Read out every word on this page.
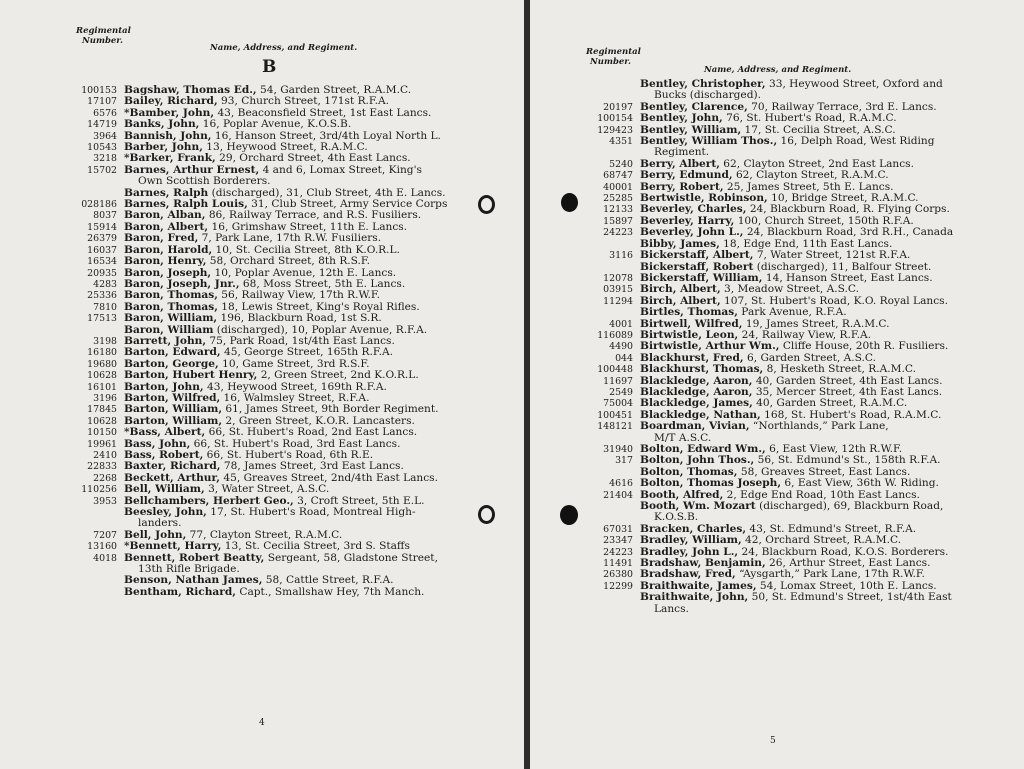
Regimental
Number.
Name, Address, and Regiment.
B
100153 Bagshaw, Thomas Ed., 54, Garden Street, R.A.M.C.
17107 Bailey, Richard, 93, Church Street, 171st R.F.A.
6576 *Bamber, John, 43, Beaconsfield Street, 1st East Lancs.
14719 Banks, John, 16, Poplar Avenue, K.O.S.B.
3964 Bannish, John, 16, Hanson Street, 3rd/4th Loyal North L.
10543 Barber, John, 13, Heywood Street, R.A.M.C.
3218 *Barker, Frank, 29, Orchard Street, 4th East Lancs.
15702 Barnes, Arthur Ernest, 4 and 6, Lomax Street, King's
Own Scottish Borderers.
Barnes, Ralph (discharged), 31, Club Street, 4th E. Lancs.
028186 Barnes, Ralph Louis, 31, Club Street, Army Service Corps
8037 Baron, Alban, 86, Railway Terrace, and R.S. Fusiliers.
15914 Baron, Albert, 16, Grimshaw Street, 11th E. Lancs.
26379 Baron, Fred, 7, Park Lane, 17th R.W. Fusiliers.
16037 Baron, Harold, 10, St. Cecilia Street, 8th K.O.R.L.
16534 Baron, Henry, 58, Orchard Street, 8th R.S.F.
20935 Baron, Joseph, 10, Poplar Avenue, 12th E. Lancs.
4283 Baron, Joseph, Jnr., 68, Moss Street, 5th E. Lancs.
25336 Baron, Thomas, 56, Railway View, 17th R.W.F.
7810 Baron, Thomas, 18, Lewis Street, King's Royal Rifles.
17513 Baron, William, 196, Blackburn Road, 1st S.R.
Baron, William (discharged), 10, Poplar Avenue, R.F.A.
3198 Barrett, John, 75, Park Road, 1st/4th East Lancs.
16180 Barton, Edward, 45, George Street, 165th R.F.A.
19680 Barton, George, 10, Game Street, 3rd R.S.F.
10628 Barton, Hubert Henry, 2, Green Street, 2nd K.O.R.L.
16101 Barton, John, 43, Heywood Street, 169th R.F.A.
3196 Barton, Wilfred, 16, Walmsley Street, R.F.A.
17845 Barton, William, 61, James Street, 9th Border Regiment.
10628 Barton, William, 2, Green Street, K.O.R. Lancasters.
10150 *Bass, Albert, 66, St. Hubert's Road, 2nd East Lancs.
19961 Bass, John, 66, St. Hubert's Road, 3rd East Lancs.
2410 Bass, Robert, 66, St. Hubert's Road, 6th R.E.
22833 Baxter, Richard, 78, James Street, 3rd East Lancs.
2268 Beckett, Arthur, 45, Greaves Street, 2nd/4th East Lancs.
110256 Bell, William, 3, Water Street, A.S.C.
3953 Bellchambers, Herbert Geo., 3, Croft Street, 5th E.L.
Beesley, John, 17, St. Hubert's Road, Montreal High-
landers.
7207 Bell, John, 77, Clayton Street, R.A.M.C.
13160 *Bennett, Harry, 13, St. Cecilia Street, 3rd S. Staffs
4018 Bennett, Robert Beatty, Sergeant, 58, Gladstone Street,
13th Rifle Brigade.
Benson, Nathan James, 58, Cattle Street, R.F.A.
Bentham, Richard, Capt., Smallshaw Hey, 7th Manch.
4
Regimental
Number.
Name, Address, and Regiment.
Bentley, Christopher, 33, Heywood Street, Oxford and
Bucks (discharged).
20197 Bentley, Clarence, 70, Railway Terrace, 3rd E. Lancs.
100154 Bentley, John, 76, St. Hubert's Road, R.A.M.C.
129423 Bentley, William, 17, St. Cecilia Street, A.S.C.
4351 Bentley, William Thos., 16, Delph Road, West Riding
Regiment.
5240 Berry, Albert, 62, Clayton Street, 2nd East Lancs.
68747 Berry, Edmund, 62, Clayton Street, R.A.M.C.
40001 Berry, Robert, 25, James Street, 5th E. Lancs.
25285 Bertwistle, Robinson, 10, Bridge Street, R.A.M.C.
12133 Beverley, Charles, 24, Blackburn Road, R. Flying Corps.
15897 Beverley, Harry, 100, Church Street, 150th R.F.A.
24223 Beverley, John L., 24, Blackburn Road, 3rd R.H., Canada
Bibby, James, 18, Edge End, 11th East Lancs.
3116 Bickerstaff, Albert, 7, Water Street, 121st R.F.A.
Bickerstaff, Robert (discharged), 11, Balfour Street.
12078 Bickerstaff, William, 14, Hanson Street, East Lancs.
03915 Birch, Albert, 3, Meadow Street, A.S.C.
11294 Birch, Albert, 107, St. Hubert's Road, K.O. Royal Lancs.
Birtles, Thomas, Park Avenue, R.F.A.
4001 Birtwell, Wilfred, 19, James Street, R.A.M.C.
116089 Birtwistle, Leon, 24, Railway View, R.F.A.
4490 Birtwistle, Arthur Wm., Cliffe House, 20th R. Fusiliers.
044 Blackhurst, Fred, 6, Garden Street, A.S.C.
100448 Blackhurst, Thomas, 8, Hesketh Street, R.A.M.C.
11697 Blackledge, Aaron, 40, Garden Street, 4th East Lancs.
2549 Blackledge, Aaron, 35, Mercer Street, 4th East Lancs.
75004 Blackledge, James, 40, Garden Street, R.A.M.C.
100451 Blackledge, Nathan, 168, St. Hubert's Road, R.A.M.C.
148121 Boardman, Vivian, “Northlands,” Park Lane,
M/T A.S.C.
31940 Bolton, Edward Wm., 6, East View, 12th R.W.F.
317 Bolton, John Thos., 56, St. Edmund's St., 158th R.F.A.
Bolton, Thomas, 58, Greaves Street, East Lancs.
4616 Bolton, Thomas Joseph, 6, East View, 36th W. Riding.
21404 Booth, Alfred, 2, Edge End Road, 10th East Lancs.
Booth, Wm. Mozart (discharged), 69, Blackburn Road,
K.O.S.B.
67031 Bracken, Charles, 43, St. Edmund's Street, R.F.A.
23347 Bradley, William, 42, Orchard Street, R.A.M.C.
24223 Bradley, John L., 24, Blackburn Road, K.O.S. Borderers.
11491 Bradshaw, Benjamin, 26, Arthur Street, East Lancs.
26380 Bradshaw, Fred, “Aysgarth,” Park Lane, 17th R.W.F.
12299 Braithwaite, James, 54, Lomax Street, 10th E. Lancs.
Braithwaite, John, 50, St. Edmund's Street, 1st/4th East
Lancs.
5
